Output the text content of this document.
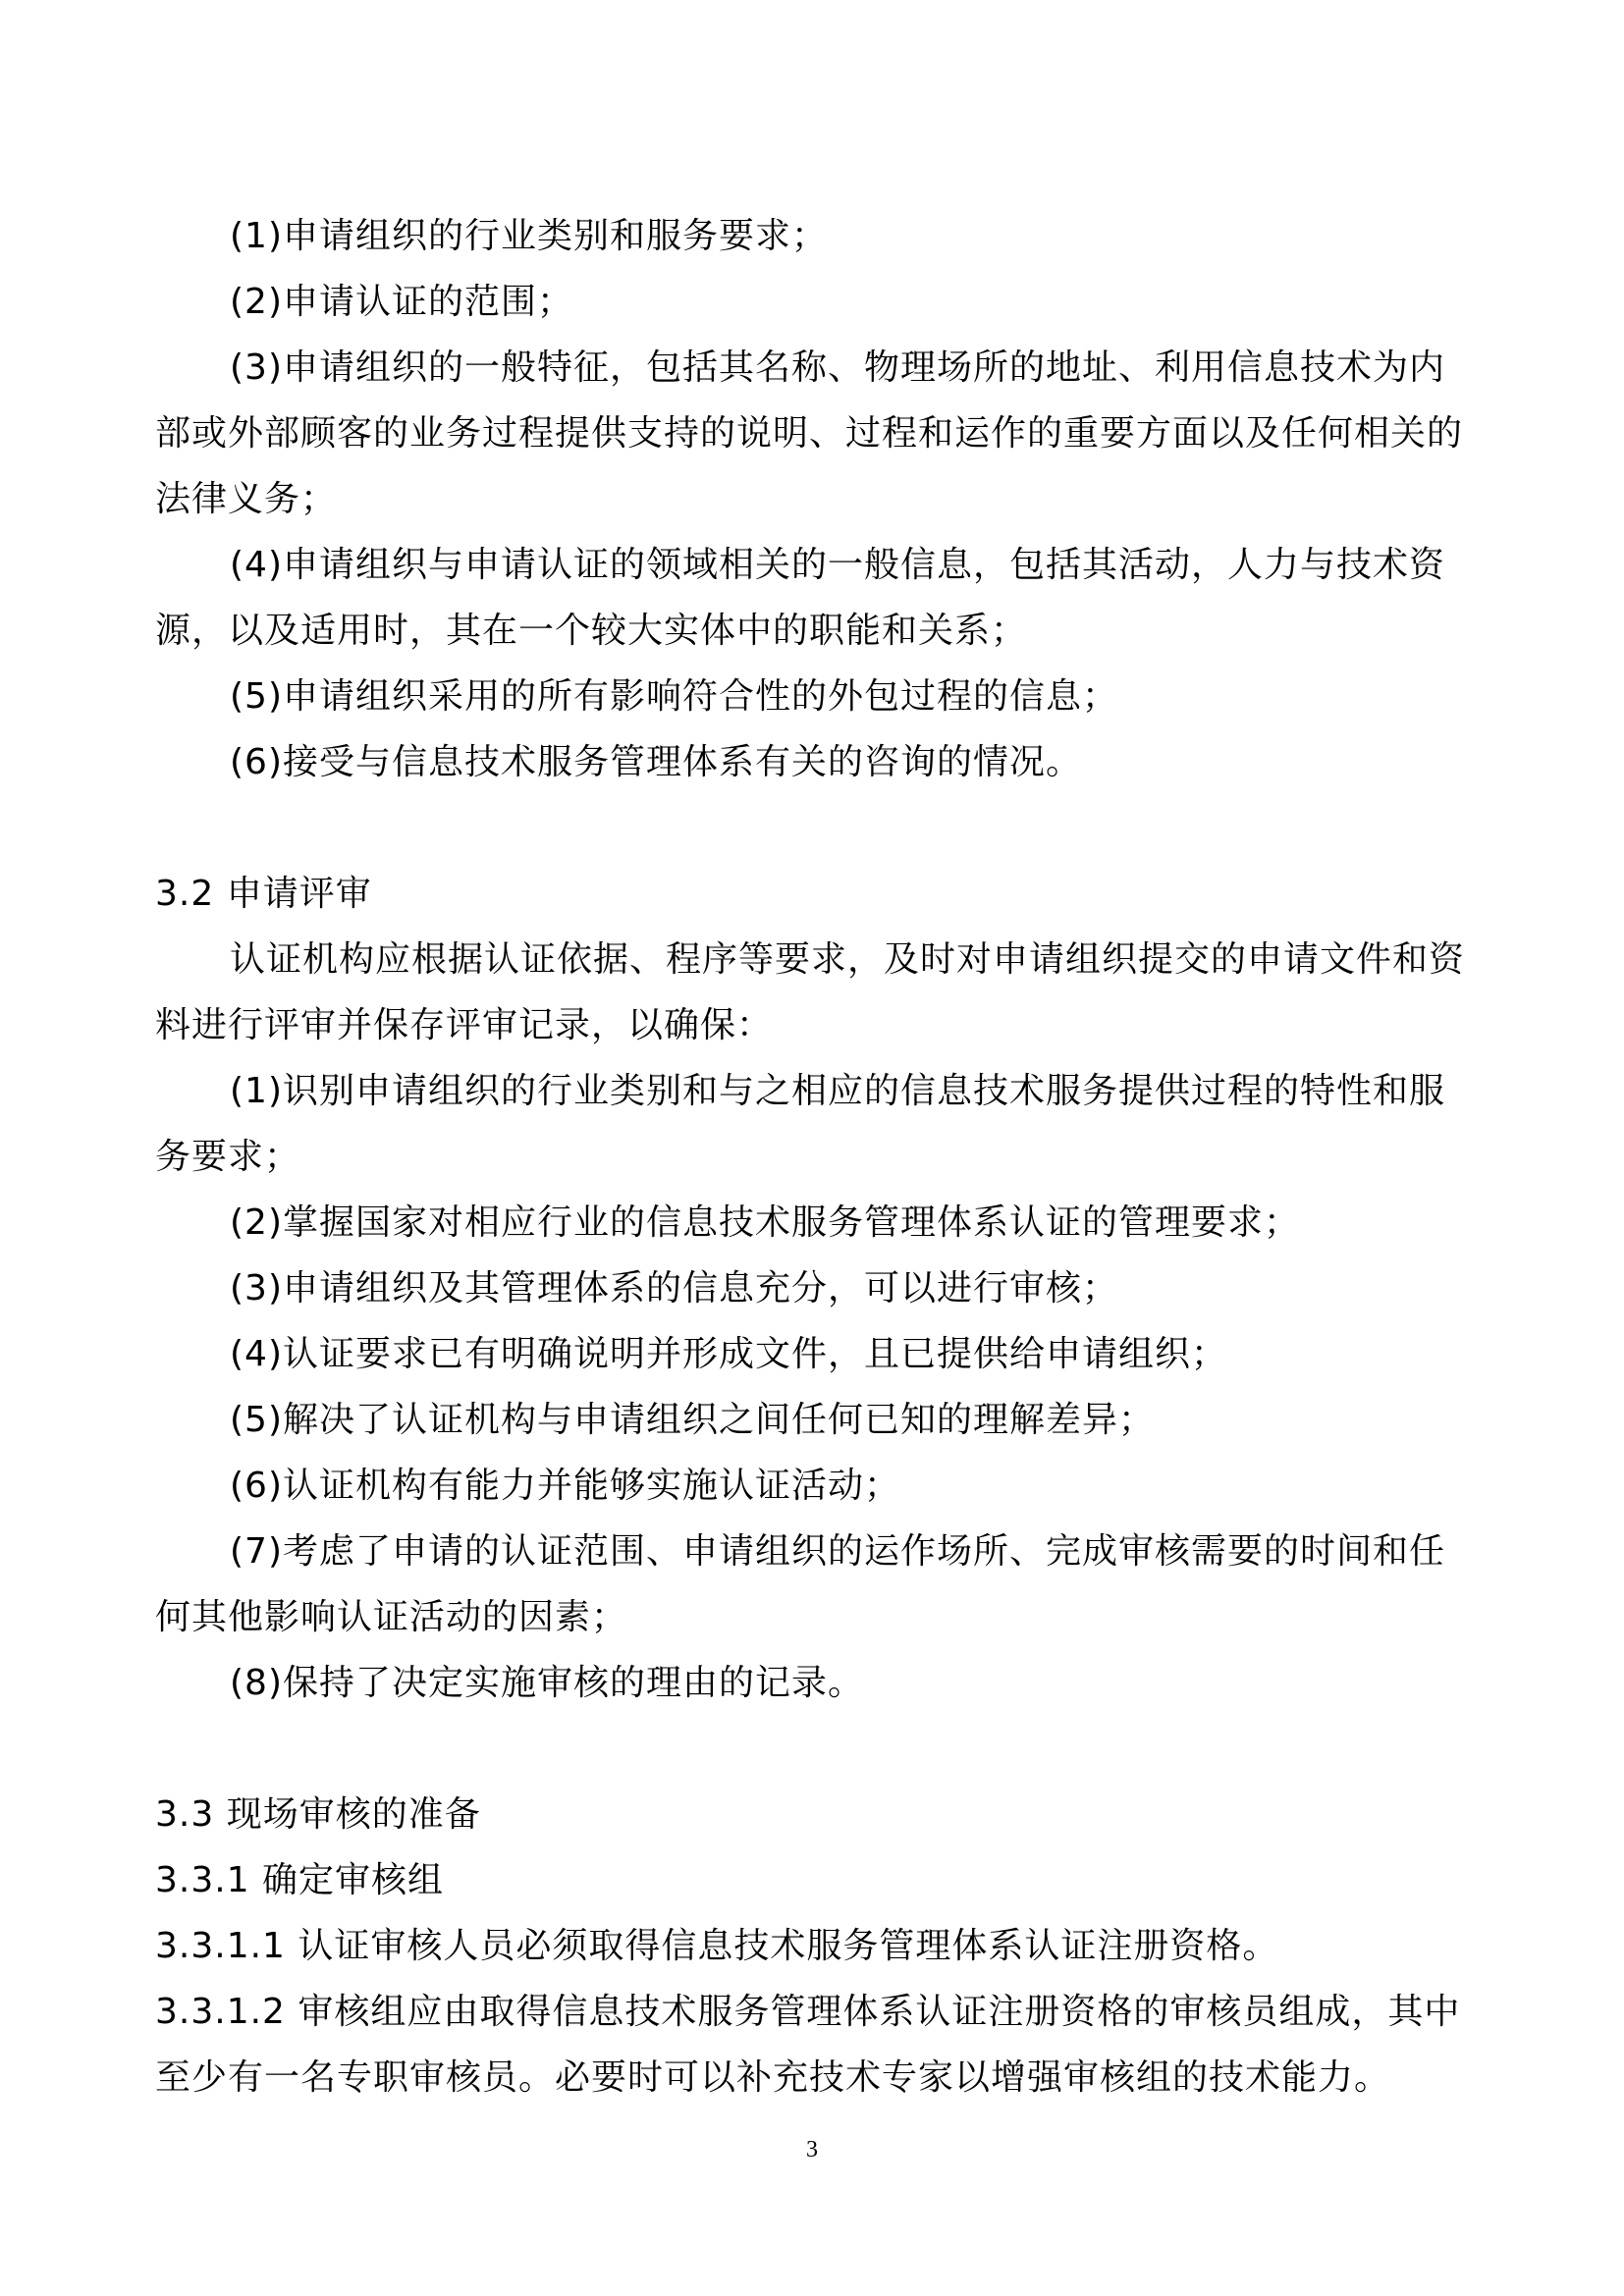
(1)申请组织的行业类别和服务要求；

(2)申请认证的范围；

(3)申请组织的一般特征，包括其名称、物理场所的地址、利用信息技术为内部或外部顾客的业务过程提供支持的说明、过程和运作的重要方面以及任何相关的法律义务；

(4)申请组织与申请认证的领域相关的一般信息，包括其活动，人力与技术资源，以及适用时，其在一个较大实体中的职能和关系；

(5)申请组织采用的所有影响符合性的外包过程的信息；

(6)接受与信息技术服务管理体系有关的咨询的情况。

3.2 申请评审

认证机构应根据认证依据、程序等要求，及时对申请组织提交的申请文件和资料进行评审并保存评审记录，以确保：

(1)识别申请组织的行业类别和与之相应的信息技术服务提供过程的特性和服务要求；

(2)掌握国家对相应行业的信息技术服务管理体系认证的管理要求；

(3)申请组织及其管理体系的信息充分，可以进行审核；

(4)认证要求已有明确说明并形成文件，且已提供给申请组织；

(5)解决了认证机构与申请组织之间任何已知的理解差异；

(6)认证机构有能力并能够实施认证活动；

(7)考虑了申请的认证范围、申请组织的运作场所、完成审核需要的时间和任何其他影响认证活动的因素；

(8)保持了决定实施审核的理由的记录。

3.3 现场审核的准备

3.3.1 确定审核组

3.3.1.1 认证审核人员必须取得信息技术服务管理体系认证注册资格。

3.3.1.2 审核组应由取得信息技术服务管理体系认证注册资格的审核员组成，其中至少有一名专职审核员。必要时可以补充技术专家以增强审核组的技术能力。

3
